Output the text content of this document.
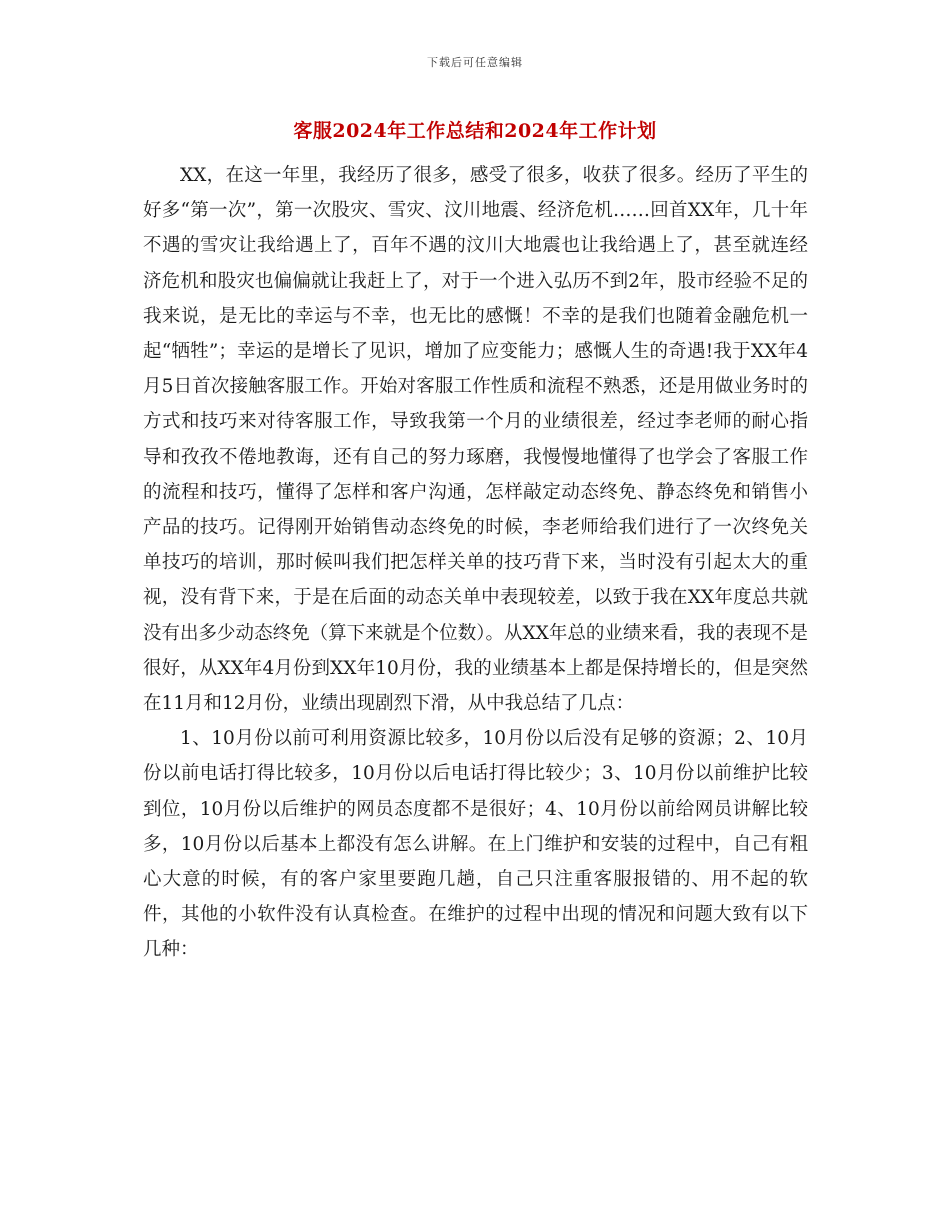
下载后可任意编辑
客服2024年工作总结和2024年工作计划

XX，在这一年里，我经历了很多，感受了很多，收获了很多。经历了平生的好多“第一次”，第一次股灾、雪灾、汶川地震、经济危机……回首XX年，几十年不遇的雪灾让我给遇上了，百年不遇的汶川大地震也让我给遇上了，甚至就连经济危机和股灾也偏偏就让我赶上了，对于一个进入弘历不到2年，股市经验不足的我来说，是无比的幸运与不幸，也无比的感慨！不幸的是我们也随着金融危机一起“牺牲”；幸运的是增长了见识，增加了应变能力；感慨人生的奇遇!我于XX年4月5日首次接触客服工作。开始对客服工作性质和流程不熟悉，还是用做业务时的方式和技巧来对待客服工作，导致我第一个月的业绩很差，经过李老师的耐心指导和孜孜不倦地教诲，还有自己的努力琢磨，我慢慢地懂得了也学会了客服工作的流程和技巧，懂得了怎样和客户沟通，怎样敲定动态终免、静态终免和销售小产品的技巧。记得刚开始销售动态终免的时候，李老师给我们进行了一次终免关单技巧的培训，那时候叫我们把怎样关单的技巧背下来，当时没有引起太大的重视，没有背下来，于是在后面的动态关单中表现较差，以致于我在XX年度总共就没有出多少动态终免（算下来就是个位数）。从XX年总的业绩来看，我的表现不是很好，从XX年4月份到XX年10月份，我的业绩基本上都是保持增长的，但是突然在11月和12月份，业绩出现剧烈下滑，从中我总结了几点：

1、10月份以前可利用资源比较多，10月份以后没有足够的资源；2、10月份以前电话打得比较多，10月份以后电话打得比较少；3、10月份以前维护比较到位，10月份以后维护的网员态度都不是很好；4、10月份以前给网员讲解比较多，10月份以后基本上都没有怎么讲解。在上门维护和安装的过程中，自己有粗心大意的时候，有的客户家里要跑几趟，自己只注重客服报错的、用不起的软件，其他的小软件没有认真检查。在维护的过程中出现的情况和问题大致有以下几种：
